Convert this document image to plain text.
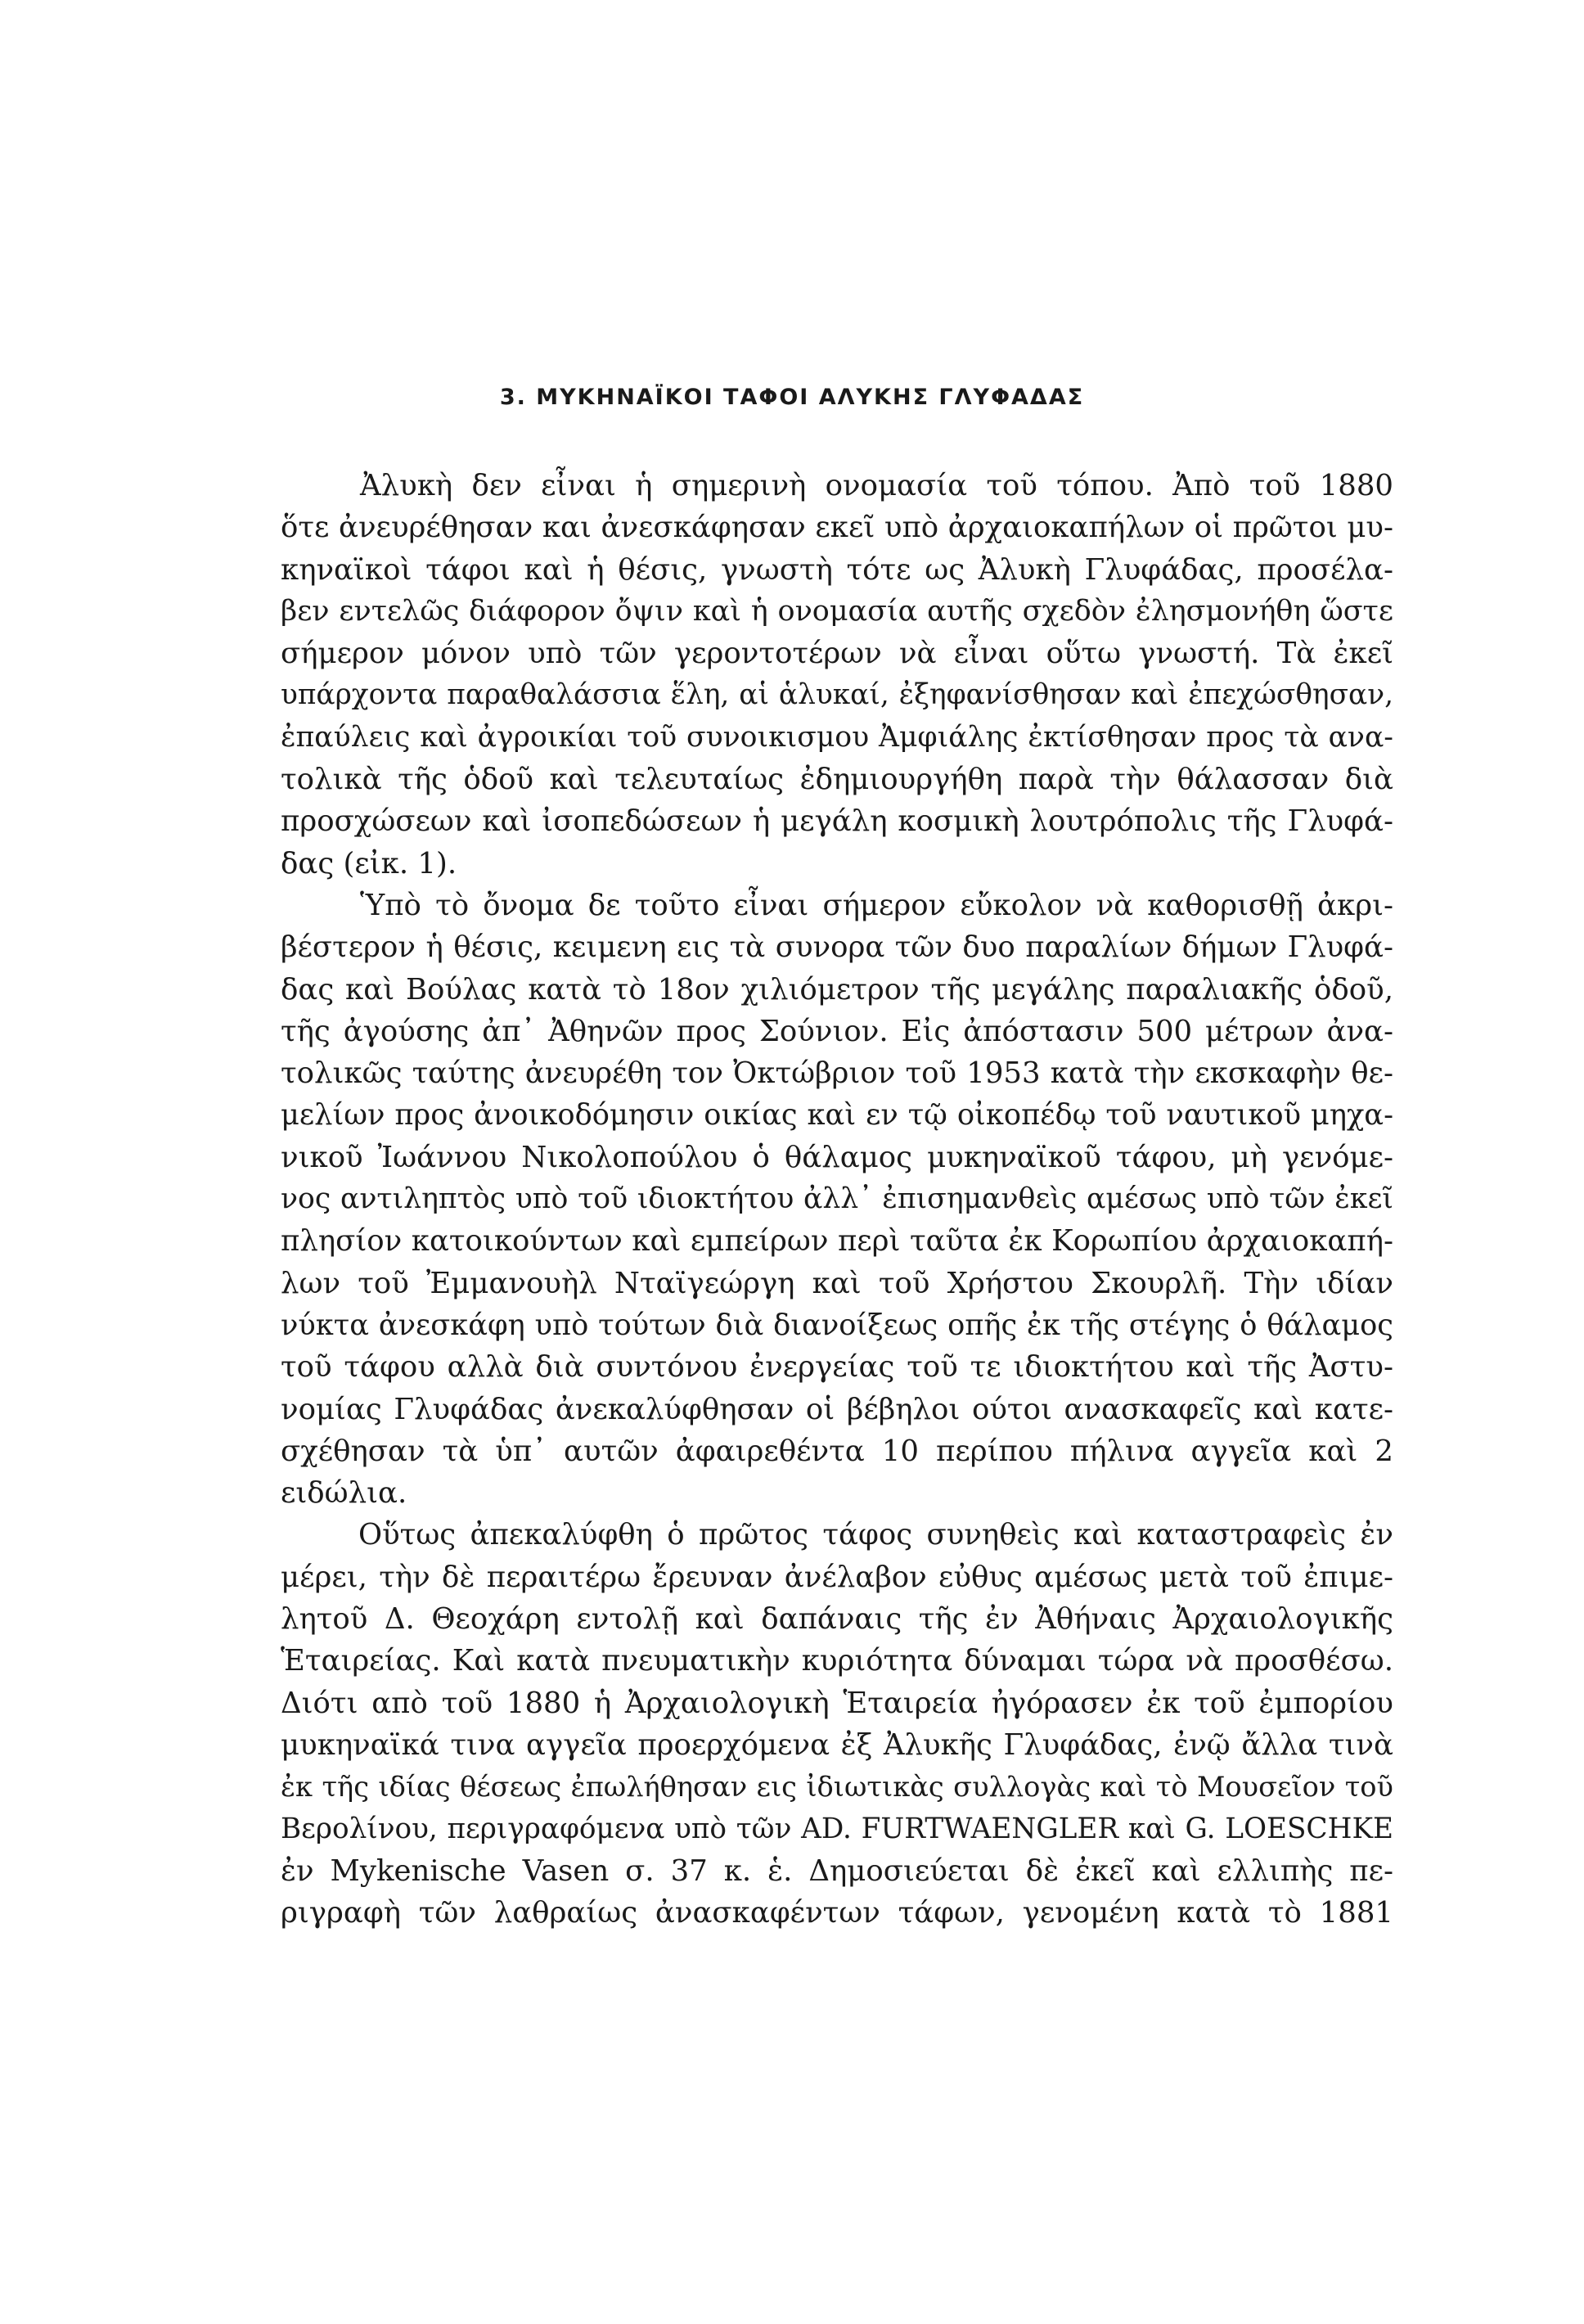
3. ΜΥΚΗΝΑΪΚΟΙ ΤΑΦΟΙ ΑΛΥΚΗΣ ΓΛΥΦΑΔΑΣ
Ἀλυκὴ δεν εἶναι ἡ σημερινὴ ονομασία τοῦ τόπου. Ἀπὸ τοῦ 1880
ὅτε ἀνευρέθησαν και ἀνεσκάφησαν εκεῖ υπὸ ἀρχαιοκαπήλων οἱ πρῶτοι μυ-
κηναϊκοὶ τάφοι καὶ ἡ θέσις, γνωστὴ τότε ως Ἀλυκὴ Γλυφάδας, προσέλα-
βεν εντελῶς διάφορον ὄψιν καὶ ἡ ονομασία αυτῆς σχεδὸν ἐλησμονήθη ὥστε
σήμερον μόνον υπὸ τῶν γεροντοτέρων νὰ εἶναι οὕτω γνωστή. Τὰ ἐκεῖ
υπάρχοντα παραθαλάσσια ἕλη, αἱ ἁλυκαί, ἐξηφανίσθησαν καὶ ἐπεχώσθησαν,
ἐπαύλεις καὶ ἀγροικίαι τοῦ συνοικισμου Ἀμφιάλης ἐκτίσθησαν προς τὰ ανα-
τολικὰ τῆς ὁδοῦ καὶ τελευταίως ἐδημιουργήθη παρὰ τὴν θάλασσαν διὰ
προσχώσεων καὶ ἰσοπεδώσεων ἡ μεγάλη κοσμικὴ λουτρόπολις τῆς Γλυφά-
δας (εἰκ. 1).
Ὑπὸ τὸ ὄνομα δε τοῦτο εἶναι σήμερον εὔκολον νὰ καθορισθῇ ἀκρι-
βέστερον ἡ θέσις, κειμενη εις τὰ συνορα τῶν δυο παραλίων δήμων Γλυφά-
δας καὶ Βούλας κατὰ τὸ 18ον χιλιόμετρον τῆς μεγάλης παραλιακῆς ὁδοῦ,
τῆς ἀγούσης ἀπ᾿ Ἀθηνῶν προς Σούνιον. Εἰς ἀπόστασιν 500 μέτρων ἀνα-
τολικῶς ταύτης ἀνευρέθη τον Ὀκτώβριον τοῦ 1953 κατὰ τὴν εκσκαφὴν θε-
μελίων προς ἀνοικοδόμησιν οικίας καὶ εν τῷ οἰκοπέδῳ τοῦ ναυτικοῦ μηχα-
νικοῦ Ἰωάννου Νικολοπούλου ὁ θάλαμος μυκηναϊκοῦ τάφου, μὴ γενόμε-
νος αντιληπτὸς υπὸ τοῦ ιδιοκτήτου ἀλλ᾿ ἐπισημανθεὶς αμέσως υπὸ τῶν ἐκεῖ
πλησίον κατοικούντων καὶ εμπείρων περὶ ταῦτα ἐκ Κορωπίου ἀρχαιοκαπή-
λων τοῦ Ἐμμανουὴλ Νταϊγεώργη καὶ τοῦ Χρήστου Σκουρλῆ. Τὴν ιδίαν
νύκτα ἀνεσκάφη υπὸ τούτων διὰ διανοίξεως οπῆς ἐκ τῆς στέγης ὁ θάλαμος
τοῦ τάφου αλλὰ διὰ συντόνου ἐνεργείας τοῦ τε ιδιοκτήτου καὶ τῆς Ἀστυ-
νομίας Γλυφάδας ἀνεκαλύφθησαν οἱ βέβηλοι ούτοι ανασκαφεῖς καὶ κατε-
σχέθησαν τὰ ὑπ᾿ αυτῶν ἀφαιρεθέντα 10 περίπου πήλινα αγγεῖα καὶ 2
ειδώλια.
Οὕτως ἀπεκαλύφθη ὁ πρῶτος τάφος συνηθεὶς καὶ καταστραφεὶς ἐν
μέρει, τὴν δὲ περαιτέρω ἔρευναν ἀνέλαβον εὐθυς αμέσως μετὰ τοῦ ἐπιμε-
λητοῦ Δ. Θεοχάρη εντολῇ καὶ δαπάναις τῆς ἐν Ἀθήναις Ἀρχαιολογικῆς
Ἑταιρείας. Καὶ κατὰ πνευματικὴν κυριότητα δύναμαι τώρα νὰ προσθέσω.
Διότι απὸ τοῦ 1880 ἡ Ἀρχαιολογικὴ Ἑταιρεία ἠγόρασεν ἐκ τοῦ ἐμπορίου
μυκηναϊκά τινα αγγεῖα προερχόμενα ἐξ Ἀλυκῆς Γλυφάδας, ἐνῷ ἄλλα τινὰ
ἐκ τῆς ιδίας θέσεως ἐπωλήθησαν εις ἰδιωτικὰς συλλογὰς καὶ τὸ Μουσεῖον τοῦ
Βερολίνου, περιγραφόμενα υπὸ τῶν AD. FURTWAENGLER καὶ G. LOESCHKE
ἐν Mykenische Vasen σ. 37 κ. ἑ. Δημοσιεύεται δὲ ἐκεῖ καὶ ελλιπὴς πε-
ριγραφὴ τῶν λαθραίως ἀνασκαφέντων τάφων, γενομένη κατὰ τὸ 1881
